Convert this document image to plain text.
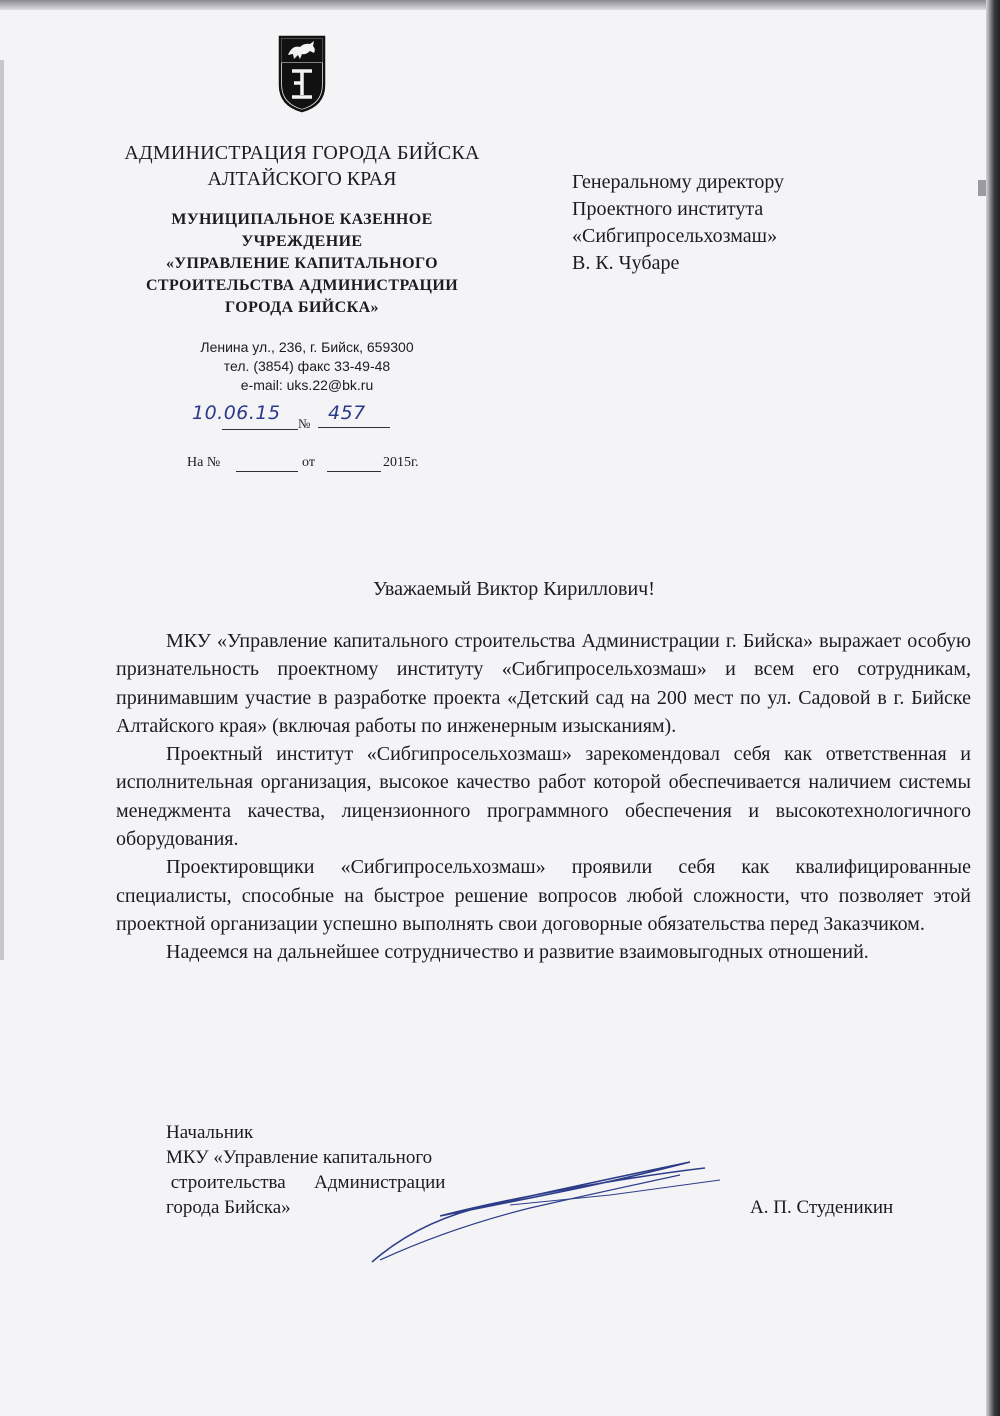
АДМИНИСТРАЦИЯ ГОРОДА БИЙСКА
АЛТАЙСКОГО КРАЯ
МУНИЦИПАЛЬНОЕ КАЗЕННОЕ
УЧРЕЖДЕНИЕ
«УПРАВЛЕНИЕ КАПИТАЛЬНОГО
СТРОИТЕЛЬСТВА АДМИНИСТРАЦИИ
ГОРОДА БИЙСКА»
Ленина ул., 236, г. Бийск, 659300
тел. (3854) факс 33-49-48
e-mail: uks.22@bk.ru
10.06.15 № 457
На №	от	2015г.
Генеральному директору
Проектного института
«Сибгипросельхозмаш»
В. К. Чубаре
Уважаемый Виктор Кириллович!

МКУ «Управление капитального строительства Администрации г. Бийска» выражает особую признательность проектному институту «Сибгипросельхозмаш» и всем его сотрудникам, принимавшим участие в разработке проекта «Детский сад на 200 мест по ул. Садовой в г. Бийске Алтайского края» (включая работы по инженерным изысканиям).

Проектный институт «Сибгипросельхозмаш» зарекомендовал себя как ответственная и исполнительная организация, высокое качество работ которой обеспечивается наличием системы менеджмента качества, лицензионного программного обеспечения и высокотехнологичного оборудования.

Проектировщики «Сибгипросельхозмаш» проявили себя как квалифицированные специалисты, способные на быстрое решение вопросов любой сложности, что позволяет этой проектной организации успешно выполнять свои договорные обязательства перед Заказчиком.

Надеемся на дальнейшее сотрудничество и развитие взаимовыгодных отношений.

Начальник
МКУ «Управление капитального
строительства      Администрации
города Бийска»	А. П. Студеникин
